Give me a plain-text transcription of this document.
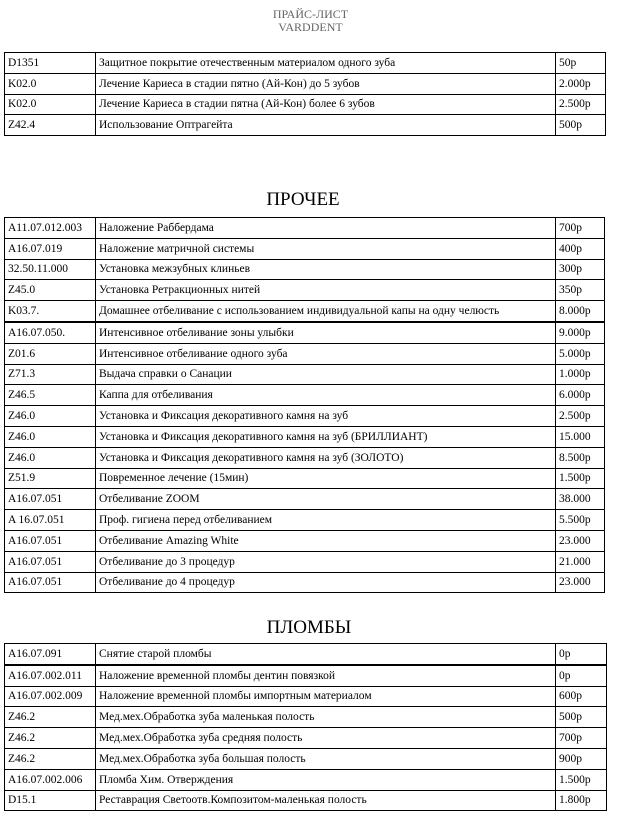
ПРАЙС-ЛИСТ
VARDDENT
D1351	Защитное покрытие отечественным материалом одного зуба	50р
K02.0	Лечение Кариеса в стадии пятно (Ай-Кон) до 5 зубов	2.000р
K02.0	Лечение Кариеса в стадии пятна (Ай-Кон) более 6 зубов	2.500р
Z42.4	Использование Оптрагейта	500р
ПРОЧЕЕ
A11.07.012.003	Наложение Раббердама	700р
A16.07.019	Наложение матричной системы	400р
32.50.11.000	Установка межзубных клиньев	300р
Z45.0	Установка Ретракционных нитей	350р
K03.7.	Домашнее отбеливание с использованием индивидуальной капы на одну челюсть	8.000р
A16.07.050.	Интенсивное отбеливание зоны улыбки	9.000р
Z01.6	Интенсивное отбеливание одного зуба	5.000р
Z71.3	Выдача справки о Санации	1.000р
Z46.5	Каппа для отбеливания	6.000р
Z46.0	Установка и Фиксация декоративного камня на зуб	2.500р
Z46.0	Установка и Фиксация декоративного камня на зуб (БРИЛЛИАНТ)	15.000
Z46.0	Установка и Фиксация декоративного камня на зуб (ЗОЛОТО)	8.500р
Z51.9	Повременное лечение (15мин)	1.500р
A16.07.051	Отбеливание ZOOM	38.000
A 16.07.051	Проф. гигиена перед отбеливанием	5.500р
A16.07.051	Отбеливание Amazing White	23.000
A16.07.051	Отбеливание до 3 процедур	21.000
A16.07.051	Отбеливание до 4 процедур	23.000
ПЛОМБЫ
A16.07.091	Снятие старой пломбы	0р
A16.07.002.011	Наложение временной пломбы дентин повязкой	0р
A16.07.002.009	Наложение временной пломбы импортным материалом	600р
Z46.2	Мед.мех.Обработка зуба маленькая полость	500р
Z46.2	Мед.мех.Обработка зуба средняя полость	700р
Z46.2	Мед.мех.Обработка зуба большая полость	900р
A16.07.002.006	Пломба Хим. Отверждения	1.500р
D15.1	Реставрация Светоотв.Композитом-маленькая полость	1.800р
